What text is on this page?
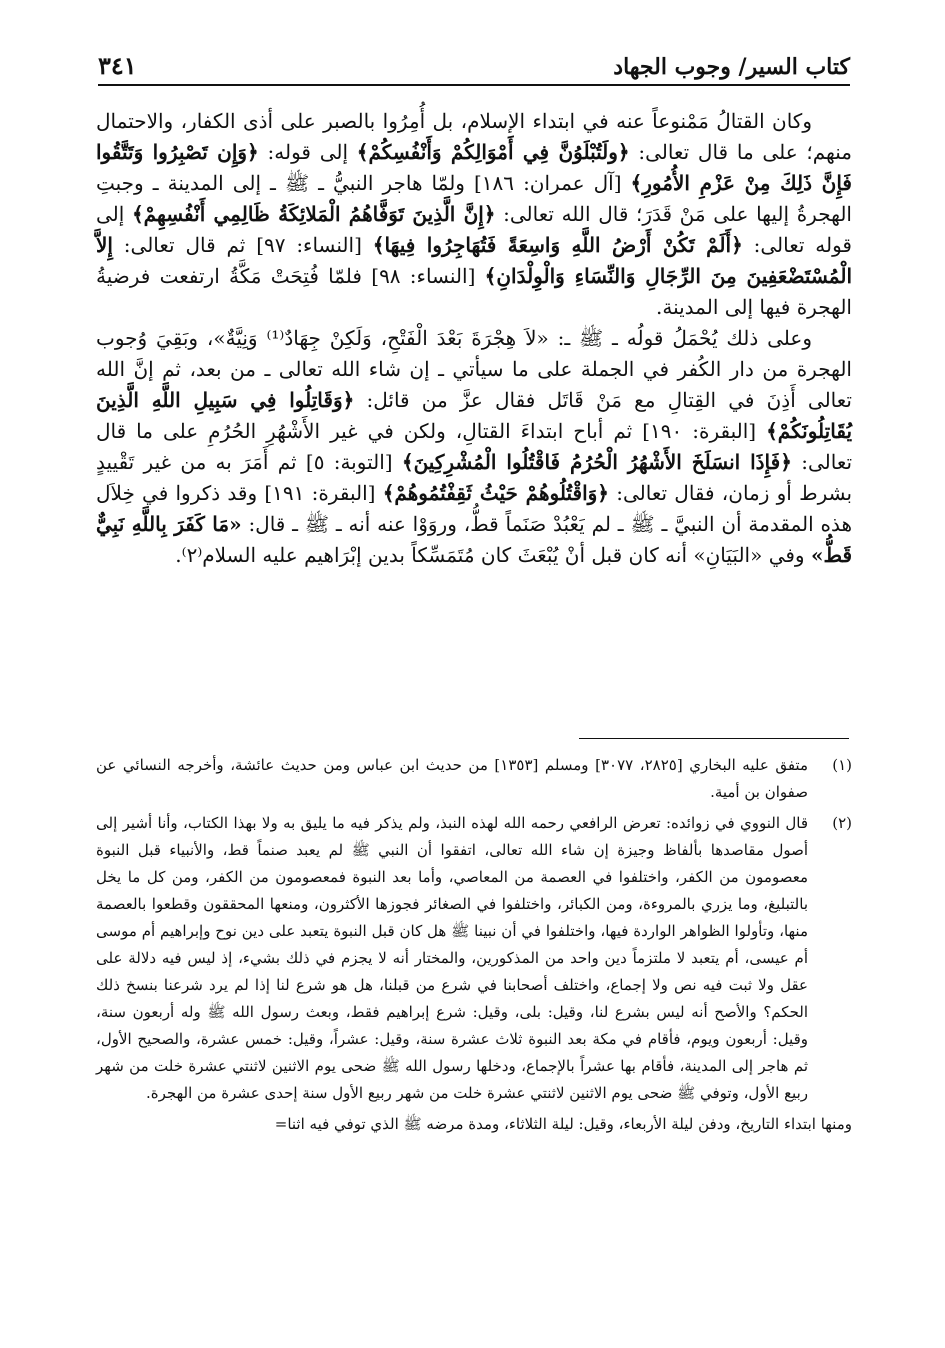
كتاب السير/ وجوب الجهاد
٣٤١

وكان القتالُ مَمْنوعاً عنه في ابتداء الإسلام، بل أُمِرُوا بالصبر على أذى الكفار، والاحتمال منهم؛ على ما قال تعالى: ﴿ولَتُبْلَوُنَّ فِي أَمْوَالِكُمْ وَأَنْفُسِكُمْ﴾ إلى قوله: ﴿وَإِن تَصْبِرُوا وَتَتَّقُوا فَإِنَّ ذَلِكَ مِنْ عَزْمِ الأُمُورِ﴾ [آل عمران: ١٨٦] ولمّا هاجر النبيُّ ـ ﷺ ـ إلى المدينة ـ وجبتِ الهجرةُ إليها على مَنْ قَدَرَ؛ قال الله تعالى: ﴿إِنَّ الَّذِينَ تَوَفَّاهُمُ الْمَلائِكَةُ ظَالِمِي أَنْفُسِهِمْ﴾ إلى قوله تعالى: ﴿أَلَمْ تَكُنْ أَرْضُ اللَّهِ وَاسِعَةً فَتُهَاجِرُوا فِيهَا﴾ [النساء: ٩٧] ثم قال تعالى: إِلاَّ الْمُسْتَضْعَفِينَ مِنَ الرِّجَالِ وَالنِّسَاءِ وَالْوِلْدَانِ﴾ [النساء: ٩٨] فلمّا فُتِحَتْ مَكَّةُ ارتفعت فرضيةُ الهجرة فيها إلى المدينة.

وعلى ذلك يُحْمَلُ قولُه ـ ﷺ ـ: «لاَ هِجْرَةَ بَعْدَ الْفَتْحِ، وَلَكِنْ جِهَادٌ⁽¹⁾ وَنِيَّةٌ»، وبَقِيَ وُجوب الهجرة من دار الكُفر في الجملة على ما سيأتي ـ إن شاء الله تعالى ـ من بعد، ثم إنَّ الله تعالى أَذِنَ في القِتالِ مع مَنْ قَاتَل فقال عزَّ من قائل: ﴿وَقَاتِلُوا فِي سَبِيلِ اللَّهِ الَّذِينَ يُقَاتِلُونَكُمْ﴾ [البقرة: ١٩٠] ثم أباح ابتداءَ القتالِ، ولكن في غير الأَشْهُرِ الحُرُمِ على ما قال تعالى: ﴿فَإِذَا انسَلَخَ الأَشْهُرُ الْحُرُمُ فَاقْتُلُوا الْمُشْرِكِينَ﴾ [التوبة: ٥] ثم أَمَرَ به من غير تَقْييدٍ بشرط أو زمان، فقال تعالى: ﴿وَاقْتُلُوهُمْ حَيْثُ ثَقِفْتُمُوهُمْ﴾ [البقرة: ١٩١] وقد ذكروا في خِلاَل هذه المقدمة أن النبيَّ ـ ﷺ ـ لم يَعْبُدْ صَنَماً قطُّ، وروَوْا عنه أنه ـ ﷺ ـ قال: «مَا كَفَرَ بِاللَّهِ نَبِيٌّ قَطُّ» وفي «البَيَانِ» أنه كان قبل أنْ يُبْعَثَ كان مُتَمَسِّكاً بدين إبْرَاهيم عليه السلام⁽٢⁾.

(١)
متفق عليه البخاري [٢٨٢٥، ٣٠٧٧] ومسلم [١٣٥٣] من حديث ابن عباس ومن حديث عائشة، وأخرجه النسائي عن صفوان بن أمية.
(٢)
قال النووي في زوائده: تعرض الرافعي رحمه الله لهذه النبذ، ولم يذكر فيه ما يليق به ولا بهذا الكتاب، وأنا أشير إلى أصول مقاصدها بألفاظ وجيزة إن شاء الله تعالى، اتفقوا أن النبي ﷺ لم يعبد صنماً قط، والأنبياء قبل النبوة معصومون من الكفر، واختلفوا في العصمة من المعاصي، وأما بعد النبوة فمعصومون من الكفر، ومن كل ما يخل بالتبليغ، وما يزري بالمروءة، ومن الكبائر، واختلفوا في الصغائر فجوزها الأكثرون، ومنعها المحققون وقطعوا بالعصمة منها، وتأولوا الظواهر الواردة فيها، واختلفوا في أن نبينا ﷺ هل كان قبل النبوة يتعبد على دين نوح وإبراهيم أم موسى أم عيسى، أم يتعبد لا ملتزماً دين واحد من المذكورين، والمختار أنه لا يجزم في ذلك بشيء، إذ ليس فيه دلالة على عقل ولا ثبت فيه نص ولا إجماع، واختلف أصحابنا في شرع من قبلنا، هل هو شرع لنا إذا لم يرد شرعنا بنسخ ذلك الحكم؟ والأصح أنه ليس بشرع لنا، وقيل: بلى، وقيل: شرع إبراهيم فقط، وبعث رسول الله ﷺ وله أربعون سنة، وقيل: أربعون ويوم، فأقام في مكة بعد النبوة ثلاث عشرة سنة، وقيل: عشراً، وقيل: خمس عشرة، والصحيح الأول، ثم هاجر إلى المدينة، فأقام بها عشراً بالإجماع، ودخلها رسول الله ﷺ ضحى يوم الاثنين لاثنتي عشرة خلت من شهر ربيع الأول، وتوفي ﷺ ضحى يوم الاثنين لاثنتي عشرة خلت من شهر ربيع الأول سنة إحدى عشرة من الهجرة.

ومنها ابتداء التاريخ، ودفن ليلة الأربعاء، وقيل: ليلة الثلاثاء، ومدة مرضه ﷺ الذي توفي فيه اثنا=
